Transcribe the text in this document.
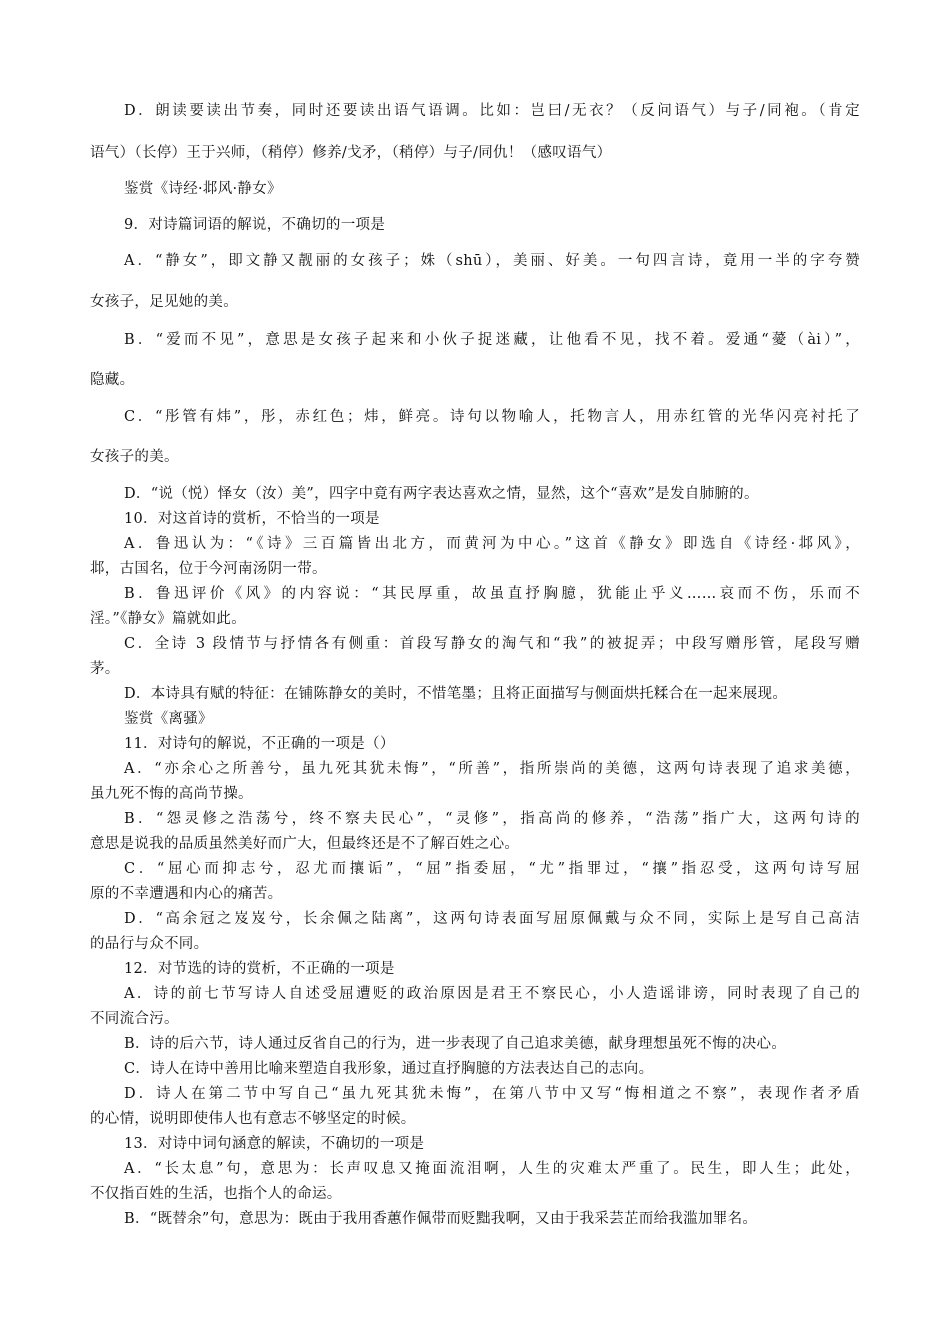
D．朗读要读出节奏，同时还要读出语气语调。比如：岂曰/无衣？（反问语气）与子/同袍。（肯定
语气）（长停）王于兴师，（稍停）修养/戈矛，（稍停）与子/同仇！（感叹语气）
鉴赏《诗经·邶风·静女》
9．对诗篇词语的解说，不确切的一项是
A．“静女”，即文静又靓丽的女孩子；姝（shū），美丽、好美。一句四言诗，竟用一半的字夸赞
女孩子，足见她的美。
B．“爱而不见”，意思是女孩子起来和小伙子捉迷藏，让他看不见，找不着。爱通“薆（ài）”，
隐藏。
C．“彤管有炜”，彤，赤红色；炜，鲜亮。诗句以物喻人，托物言人，用赤红管的光华闪亮衬托了
女孩子的美。
D．“说（悦）怿女（汝）美”，四字中竟有两字表达喜欢之情，显然，这个“喜欢”是发自肺腑的。
10．对这首诗的赏析，不恰当的一项是
A．鲁迅认为：“《诗》三百篇皆出北方，而黄河为中心。”这首《静女》即选自《诗经·邶风》，
邶，古国名，位于今河南汤阴一带。
B．鲁迅评价《风》的内容说：“其民厚重，故虽直抒胸臆，犹能止乎义……哀而不伤，乐而不
淫。”《静女》篇就如此。
C．全诗 3 段情节与抒情各有侧重：首段写静女的淘气和“我”的被捉弄；中段写赠彤管，尾段写赠
茅。
D．本诗具有赋的特征：在铺陈静女的美时，不惜笔墨；且将正面描写与侧面烘托糅合在一起来展现。
鉴赏《离骚》
11．对诗句的解说，不正确的一项是（）
A．“亦余心之所善兮，虽九死其犹未悔”，“所善”，指所崇尚的美德，这两句诗表现了追求美德，
虽九死不悔的高尚节操。
B．“怨灵修之浩荡兮，终不察夫民心”，“灵修”，指高尚的修养，“浩荡”指广大，这两句诗的
意思是说我的品质虽然美好而广大，但最终还是不了解百姓之心。
C．“屈心而抑志兮，忍尤而攘诟”，“屈”指委屈，“尤”指罪过，“攘”指忍受，这两句诗写屈
原的不幸遭遇和内心的痛苦。
D．“高余冠之岌岌兮，长余佩之陆离”，这两句诗表面写屈原佩戴与众不同，实际上是写自己高洁
的品行与众不同。
12．对节选的诗的赏析，不正确的一项是
A．诗的前七节写诗人自述受屈遭贬的政治原因是君王不察民心，小人造谣诽谤，同时表现了自己的
不同流合污。
B．诗的后六节，诗人通过反省自己的行为，进一步表现了自己追求美德，献身理想虽死不悔的决心。
C．诗人在诗中善用比喻来塑造自我形象，通过直抒胸臆的方法表达自己的志向。
D．诗人在第二节中写自己“虽九死其犹未悔”，在第八节中又写“悔相道之不察”，表现作者矛盾
的心情，说明即使伟人也有意志不够坚定的时候。
13．对诗中词句涵意的解读，不确切的一项是
A．“长太息”句，意思为：长声叹息又掩面流泪啊，人生的灾难太严重了。民生，即人生；此处，
不仅指百姓的生活，也指个人的命运。
B．“既替余”句，意思为：既由于我用香蕙作佩带而贬黜我啊，又由于我采芸芷而给我滥加罪名。
